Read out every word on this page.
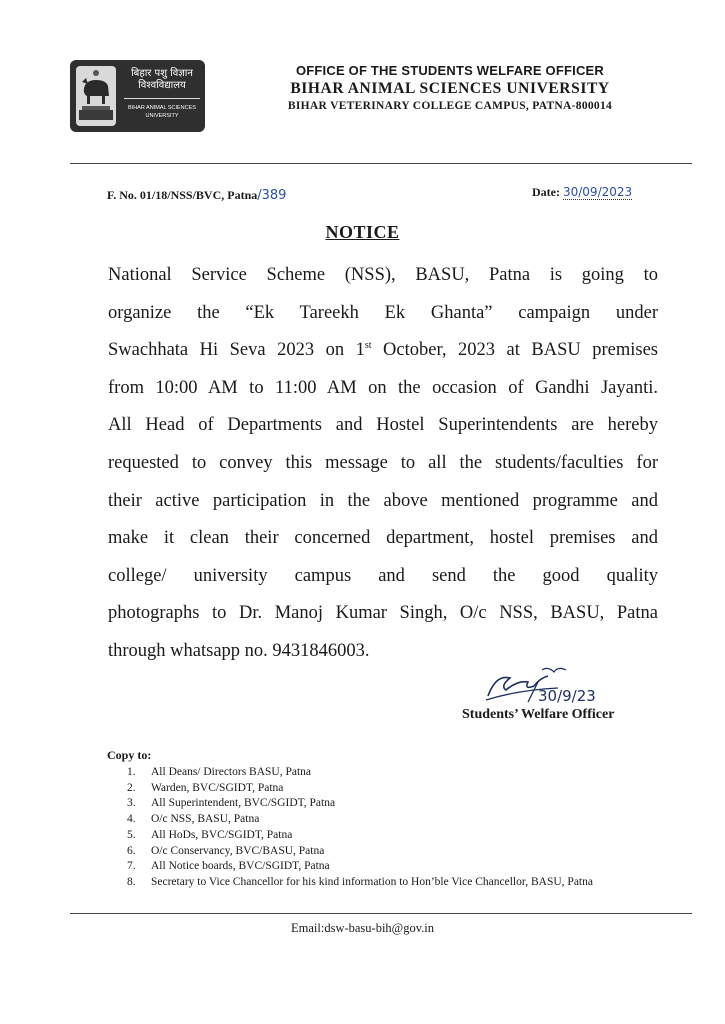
बिहार पशु विज्ञान
विश्वविद्यालय
BIHAR ANIMAL SCIENCES
UNIVERSITY
OFFICE OF THE STUDENTS WELFARE OFFICER
BIHAR ANIMAL SCIENCES UNIVERSITY
BIHAR VETERINARY COLLEGE CAMPUS, PATNA-800014
F. No. 01/18/NSS/BVC, Patna/389	Date: 30/09/2023
NOTICE
National Service Scheme (NSS), BASU, Patna is going to
organize the “Ek Tareekh Ek Ghanta” campaign under
Swachhata Hi Seva 2023 on 1st October, 2023 at BASU premises
from 10:00 AM to 11:00 AM on the occasion of Gandhi Jayanti.
All Head of Departments and Hostel Superintendents are hereby
requested to convey this message to all the students/faculties for
their active participation in the above mentioned programme and
make it clean their concerned department, hostel premises and
college/ university campus and send the good quality
photographs to Dr. Manoj Kumar Singh, O/c NSS, BASU, Patna
through whatsapp no. 9431846003.
30/9/23
Students’ Welfare Officer
Copy to:
1. All Deans/ Directors BASU, Patna
2. Warden, BVC/SGIDT, Patna
3. All Superintendent, BVC/SGIDT, Patna
4. O/c NSS, BASU, Patna
5. All HoDs, BVC/SGIDT, Patna
6. O/c Conservancy, BVC/BASU, Patna
7. All Notice boards, BVC/SGIDT, Patna
8. Secretary to Vice Chancellor for his kind information to Hon’ble Vice Chancellor, BASU, Patna
Email:dsw-basu-bih@gov.in
